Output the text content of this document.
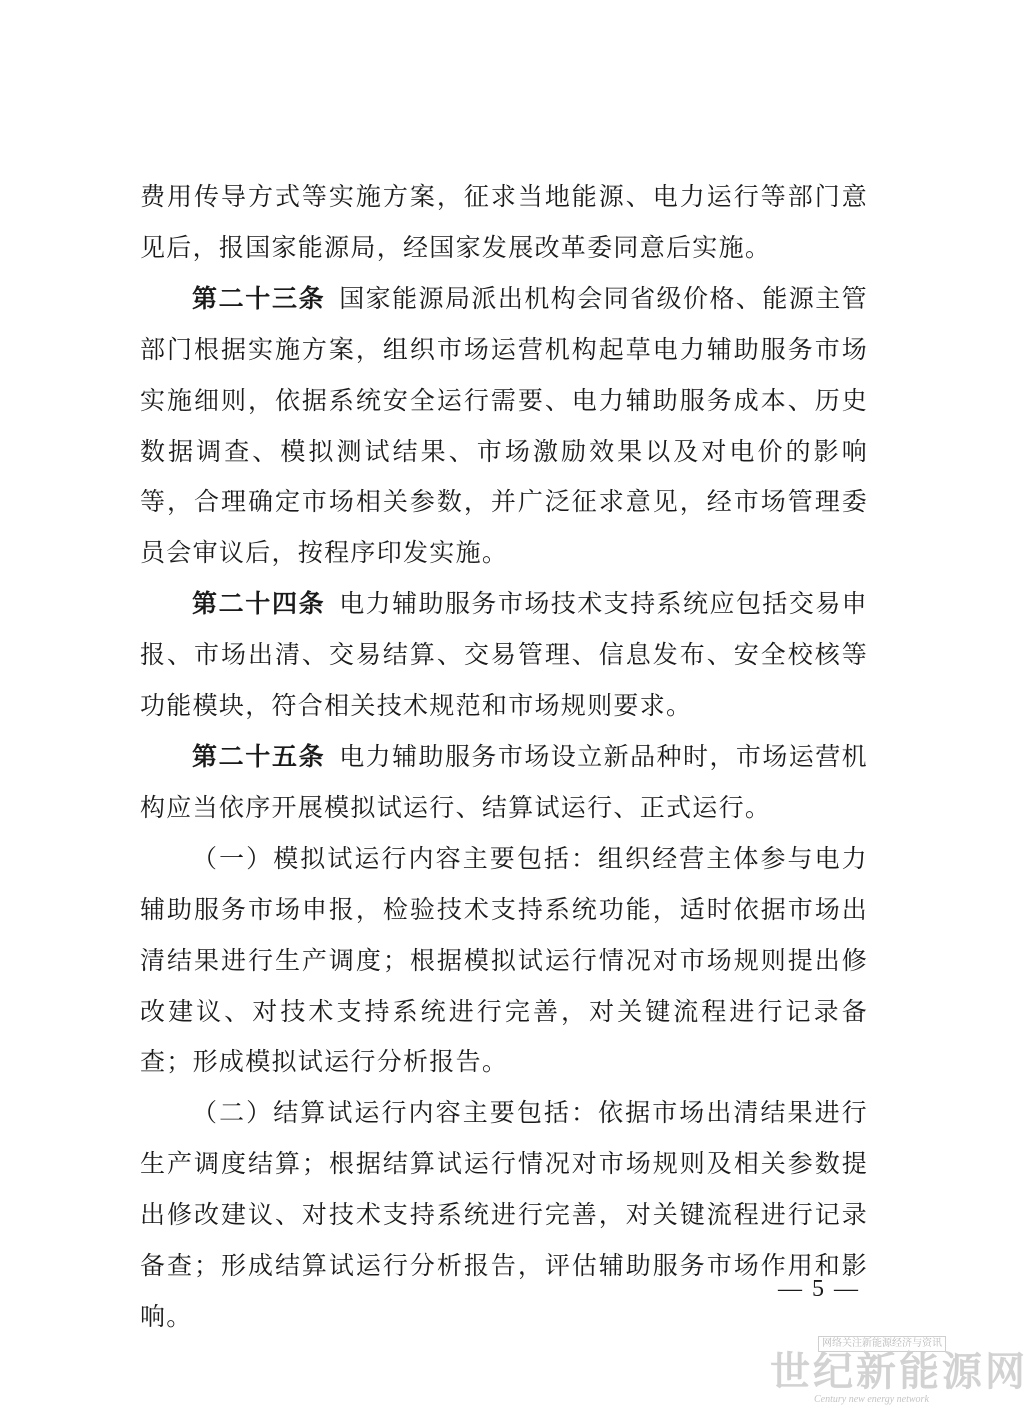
费用传导方式等实施方案，征求当地能源、电力运行等部门意见后，报国家能源局，经国家发展改革委同意后实施。

第二十三条  国家能源局派出机构会同省级价格、能源主管部门根据实施方案，组织市场运营机构起草电力辅助服务市场实施细则，依据系统安全运行需要、电力辅助服务成本、历史数据调查、模拟测试结果、市场激励效果以及对电价的影响等，合理确定市场相关参数，并广泛征求意见，经市场管理委员会审议后，按程序印发实施。

第二十四条  电力辅助服务市场技术支持系统应包括交易申报、市场出清、交易结算、交易管理、信息发布、安全校核等功能模块，符合相关技术规范和市场规则要求。

第二十五条  电力辅助服务市场设立新品种时，市场运营机构应当依序开展模拟试运行、结算试运行、正式运行。

（一）模拟试运行内容主要包括：组织经营主体参与电力辅助服务市场申报，检验技术支持系统功能，适时依据市场出清结果进行生产调度；根据模拟试运行情况对市场规则提出修改建议、对技术支持系统进行完善，对关键流程进行记录备查；形成模拟试运行分析报告。

（二）结算试运行内容主要包括：依据市场出清结果进行生产调度结算；根据结算试运行情况对市场规则及相关参数提出修改建议、对技术支持系统进行完善，对关键流程进行记录备查；形成结算试运行分析报告，评估辅助服务市场作用和影响。

— 5 —
网络关注新能源经济与资讯
世纪新能源网
Century new energy network
